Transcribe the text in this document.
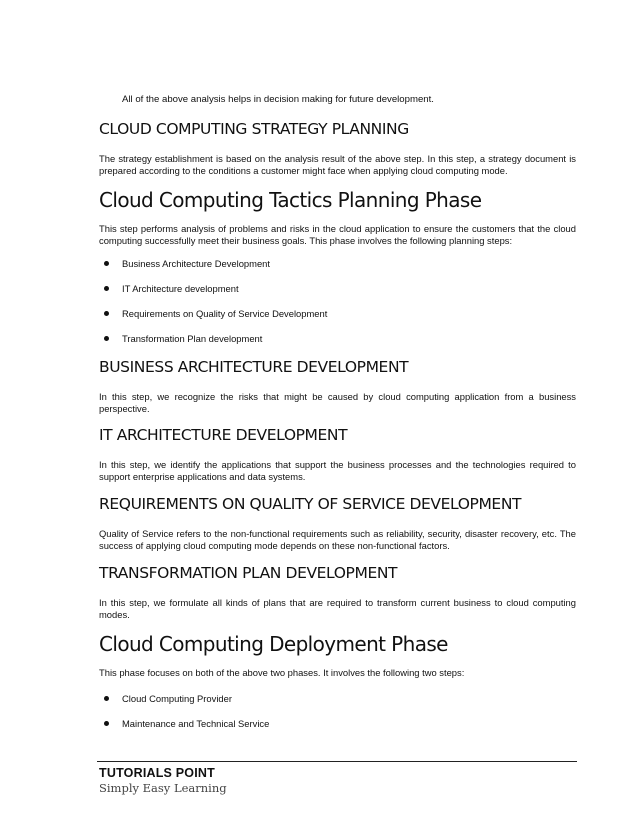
All of the above analysis helps in decision making for future development.
CLOUD COMPUTING STRATEGY PLANNING

The strategy establishment is based on the analysis result of the above step. In this step, a strategy document is prepared according to the conditions a customer might face when applying cloud computing mode.

Cloud Computing Tactics Planning Phase

This step performs analysis of problems and risks in the cloud application to ensure the customers that the cloud computing successfully meet their business goals. This phase involves the following planning steps:

Business Architecture Development
IT Architecture development
Requirements on Quality of Service Development
Transformation Plan development
BUSINESS ARCHITECTURE DEVELOPMENT

In this step, we recognize the risks that might be caused by cloud computing application from a business perspective.

IT ARCHITECTURE DEVELOPMENT

In this step, we identify the applications that support the business processes and the technologies required to support enterprise applications and data systems.

REQUIREMENTS ON QUALITY OF SERVICE DEVELOPMENT

Quality of Service refers to the non-functional requirements such as reliability, security, disaster recovery, etc. The success of applying cloud computing mode depends on these non-functional factors.

TRANSFORMATION PLAN DEVELOPMENT

In this step, we formulate all kinds of plans that are required to transform current business to cloud computing modes.

Cloud Computing Deployment Phase

This phase focuses on both of the above two phases. It involves the following two steps:

Cloud Computing Provider
Maintenance and Technical Service
TUTORIALS POINT
Simply Easy Learning
